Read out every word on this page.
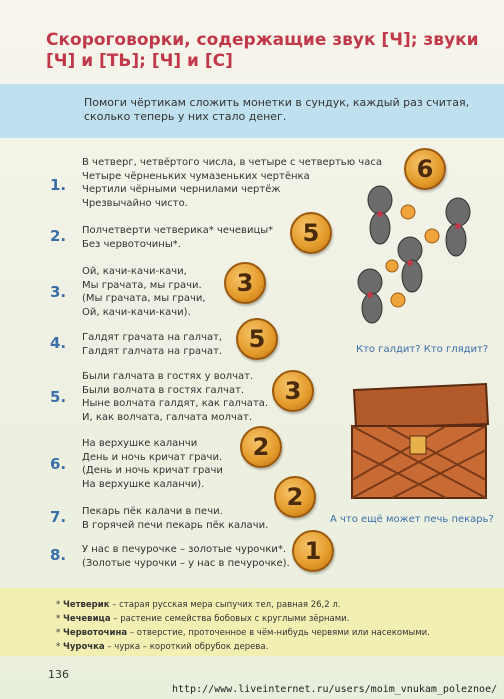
Скороговорки, содержащие звук [Ч]; звуки [Ч] и [ТЬ]; [Ч] и [С]
Помоги чёртикам сложить монетки в сундук, каждый раз считая, сколько теперь у них стало денег.
1.
В четверг, четвёртого числа, в четыре с четвертью часа
Четыре чёрненьких чумазеньких чертёнка
Чертили чёрными чернилами чертёж
Чрезвычайно чисто.
2. Полчетверти четверика* чечевицы*
Без червоточины*.
3.
Ой, качи-качи-качи,
Мы грачата, мы грачи.
(Мы грачата, мы грачи,
Ой, качи-качи-качи).
4. Галдят грачата на галчат,
Галдят галчата на грачат.
5.
Были галчата в гостях у волчат.
Были волчата в гостях галчат.
Ныне волчата галдят, как галчата.
И, как волчата, галчата молчат.
6.
На верхушке каланчи
День и ночь кричат грачи.
(День и ночь кричат грачи
На верхушке каланчи).
7. Пекарь пёк калачи в печи.
В горячей печи пекарь пёк калачи.
8. У нас в печурочке – золотые чурочки*.
(Золотые чурочки – у нас в печурочке).
6
5
3
5
3
2
2
1
Кто галдит? Кто глядит?
А что ещё может печь пекарь?
* Четверик – старая русская мера сыпучих тел, равная 26,2 л.
* Чечевица – растение семейства бобовых с круглыми зёрнами.
* Червоточина – отверстие, проточенное в чём-нибудь червями или насекомыми.
* Чурочка – чурка – короткий обрубок дерева.
136
http://www.liveinternet.ru/users/moim_vnukam_poleznoe/
